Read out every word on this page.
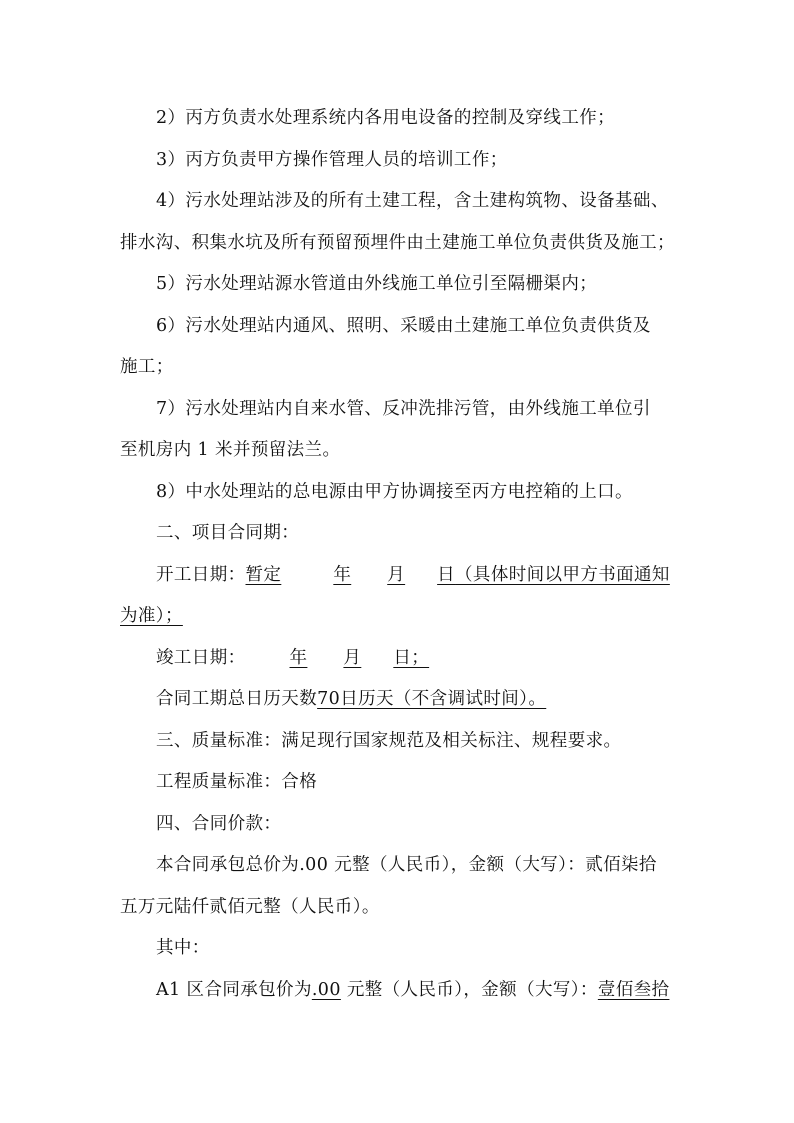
2）丙方负责水处理系统内各用电设备的控制及穿线工作；
3）丙方负责甲方操作管理人员的培训工作；
4）污水处理站涉及的所有土建工程，含土建构筑物、设备基础、
排水沟、积集水坑及所有预留预埋件由土建施工单位负责供货及施工；
5）污水处理站源水管道由外线施工单位引至隔栅渠内；
6）污水处理站内通风、照明、采暖由土建施工单位负责供货及
施工；
7）污水处理站内自来水管、反冲洗排污管，由外线施工单位引
至机房内 1 米并预留法兰。
8）中水处理站的总电源由甲方协调接至丙方电控箱的上口。
二、项目合同期：
开工日期：暂定	年 月 日（具体时间以甲方书面通知
为准）；
竣工日期：	年 月 日；
合同工期总日历天数70日历天（不含调试时间）。
三、质量标准：满足现行国家规范及相关标注、规程要求。
工程质量标准：合格
四、合同价款：
本合同承包总价为.00 元整（人民币），金额（大写）：贰佰柒拾
五万元陆仟贰佰元整（人民币）。
其中：
A1 区合同承包价为.00 元整（人民币），金额（大写）：壹佰叁拾
